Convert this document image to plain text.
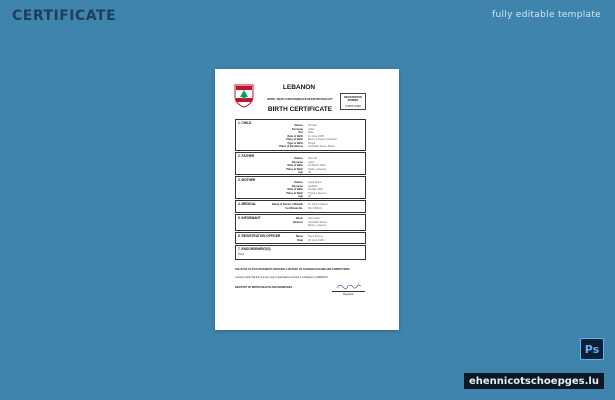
CERTIFICATE	fully editable template
LEBANON
BIRTH, DEATH AND MARRIAGE REGISTRATION ACT
BIRTH CERTIFICATE
REGISTRATION NUMBER
0 9876 5432
1. CHILD
Names Ali Hani
Surname Jaber
Sex Male
Date of Birth 12 June 1995
Place of Birth Beirut, Lebanon Hospital
Type of Birth Single
Place of Residence Ashrafieh Street, Beirut
2. FATHER
Names Hani Ali
Surname Jaber
Date of Birth 15 March 1960
Place of Birth Saida, Lebanon
Age 35
3. MOTHER
Names Layla Mona
Surname Haddad
Date of Birth 02 May 1965
Place of Birth Tripoli, Lebanon
Age 30
4. MEDICAL	Name of Doctor / Midwife Dr. Karim Nassar
Certificate No. MC 445120
5. INFORMANT	Name Hani Jaber
Address Ashrafieh Street
Beirut, Lebanon
6. REGISTRATION OFFICER	Name Rami Khoury
Date 20 June 1995
7. ENDORSEMENT(S)
None
THE BACK OF THIS DOCUMENT CONTAINS A HISTORY OF CHANGES IN NAME AND CORRECTIONS
I hereby certify that this is a true copy of particulars recorded in a Register in LEBANON
REGISTRY OF BIRTHS DEATHS AND MARRIAGES
Registrar
Ps
ehennicotschoepges.lu
